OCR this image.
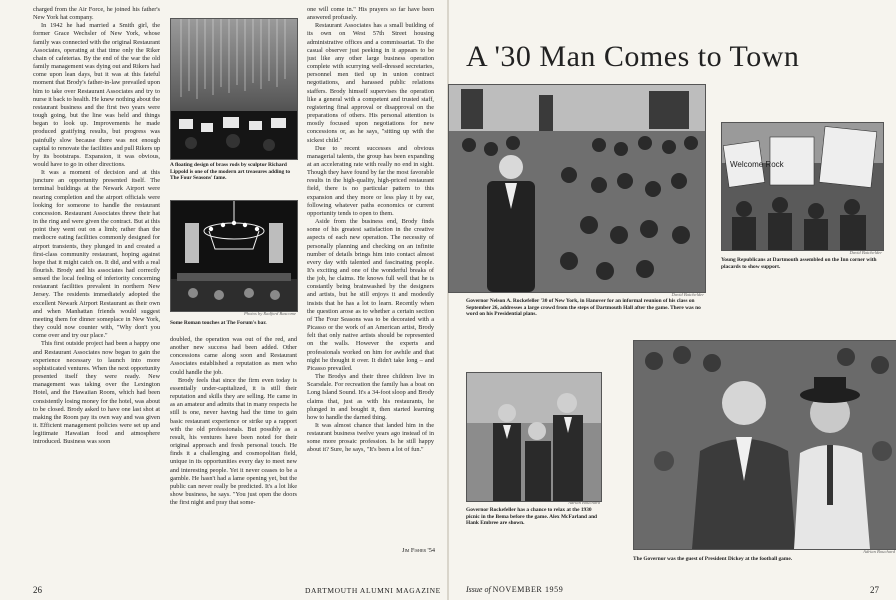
charged from the Air Force, he joined his father's New York hat company.

In 1942 he had married a Smith girl, the former Grace Wechsler of New York, whose family was connected with the original Restaurant Associates, operating at that time only the Riker chain of cafeterias. By the end of the war the old family management was dying out and Rikers had come upon lean days, but it was at this fateful moment that Brody's father-in-law prevailed upon him to take over Restaurant Associates and try to nurse it back to health. He knew nothing about the restaurant business and the first two years were tough going, but the line was held and things began to look up. Improvements he made produced gratifying results, but progress was painfully slow because there was not enough capital to renovate the facilities and pull Rikers up by its bootstraps. Expansion, it was obvious, would have to go in other directions.

It was a moment of decision and at this juncture an opportunity presented itself. The terminal buildings at the Newark Airport were nearing completion and the airport officials were looking for someone to handle the restaurant concession. Restaurant Associates threw their hat in the ring and were given the contract. But at this point they went out on a limb; rather than the mediocre eating facilities commonly designed for airport transients, they plunged in and created a first-class community restaurant, hoping against hope that it might catch on. It did, and with a real flourish. Brody and his associates had correctly sensed the local feeling of inferiority concerning restaurant facilities prevalent in northern New Jersey. The residents immediately adopted the excellent Newark Airport Restaurant as their own and when Manhattan friends would suggest meeting them for dinner someplace in New York, they could now counter with, "Why don't you come over and try our place."

This first outside project had been a happy one and Restaurant Associates now began to gain the experience necessary to launch into more sophisticated ventures. When the next opportunity presented itself they were ready. New management was taking over the Lexington Hotel, and the Hawaiian Room, which had been consistently losing money for the hotel, was about to be closed. Brody asked to have one last shot at making the Room pay its own way and was given it. Efficient management policies were set up and legitimate Hawaiian food and atmosphere introduced. Business was soon

A floating design of brass rods by sculptor Richard Lippold is one of the modern art treasures adding to The Four Seasons' fame.
Photos by Radford Bascome
Some Roman touches at The Forum's bar.

doubled, the operation was out of the red, and another new success had been added. Other concessions came along soon and Restaurant Associates established a reputation as men who could handle the job.

Brody feels that since the firm even today is essentially under-capitalized, it is still their reputation and skills they are selling. He came in as an amateur and admits that in many respects he still is one, never having had the time to gain basic restaurant experience or strike up a rapport with the old professionals. But possibly as a result, his ventures have been noted for their original approach and fresh personal touch. He finds it a challenging and cosmopolitan field, unique in its opportunities every day to meet new and interesting people. Yet it never ceases to be a gamble. He hasn't had a lame opening yet, but the public can never really be predicted. It's a lot like show business, he says. "You just open the doors the first night and pray that some-

one will come in." His prayers so far have been answered profusely.

Restaurant Associates has a small building of its own on West 57th Street housing administrative offices and a commissariat. To the casual observer just peeking in it appears to be just like any other large business operation complete with scurrying well-dressed secretaries, personnel men tied up in union contract negotiations, and harassed public relations staffers. Brody himself supervises the operation like a general with a competent and trusted staff, registering final approval or disapproval on the preparations of others. His personal attention is mostly focused upon negotiations for new concessions or, as he says, "sitting up with the sickest child."

Due to recent successes and obvious managerial talents, the group has been expanding at an accelerating rate with really no end in sight. Though they have found by far the most favorable results in the high-quality, high-priced restaurant field, there is no particular pattern to this expansion and they more or less play it by ear, following whatever paths economics or current opportunity tends to open to them.

Aside from the business end, Brody finds some of his greatest satisfaction in the creative aspects of each new operation. The necessity of personally planning and checking on an infinite number of details brings him into contact almost every day with talented and fascinating people. It's exciting and one of the wonderful breaks of the job, he claims. He knows full well that he is constantly being brainwashed by the designers and artists, but he still enjoys it and modestly insists that he has a lot to learn. Recently when the question arose as to whether a certain section of The Four Seasons was to be decorated with a Picasso or the work of an American artist, Brody felt that only native artists should be represented on the walls. However the experts and professionals worked on him for awhile and that night he thought it over. It didn't take long – and Picasso prevailed.

The Brodys and their three children live in Scarsdale. For recreation the family has a boat on Long Island Sound. It's a 34-foot sloop and Brody claims that, just as with his restaurants, he plunged in and bought it, then started learning how to handle the darned thing.

It was almost chance that landed him in the restaurant business twelve years ago instead of in some more prosaic profession. Is he still happy about it? Sure, he says, "It's been a lot of fun."

Jim Fisher '54
26	DARTMOUTH ALUMNI MAGAZINE
A '30 Man Comes to Town
David Batchelder
Governor Nelson A. Rockefeller '30 of New York, in Hanover for an informal reunion of his class on September 26, addresses a large crowd from the steps of Dartmouth Hall after the game. There was no word on his Presidential plans.
Welcome Rock
David Batchelder
Young Republicans at Dartmouth assembled on the Inn corner with placards to show support.
Adrian Bouchard
Governor Rockefeller has a chance to relax at the 1930 picnic in the Bema before the game. Alex McFarland and Hank Embree are shown.
Adrian Bouchard
The Governor was the guest of President Dickey at the football game.
Issue of NOVEMBER 1959	27
